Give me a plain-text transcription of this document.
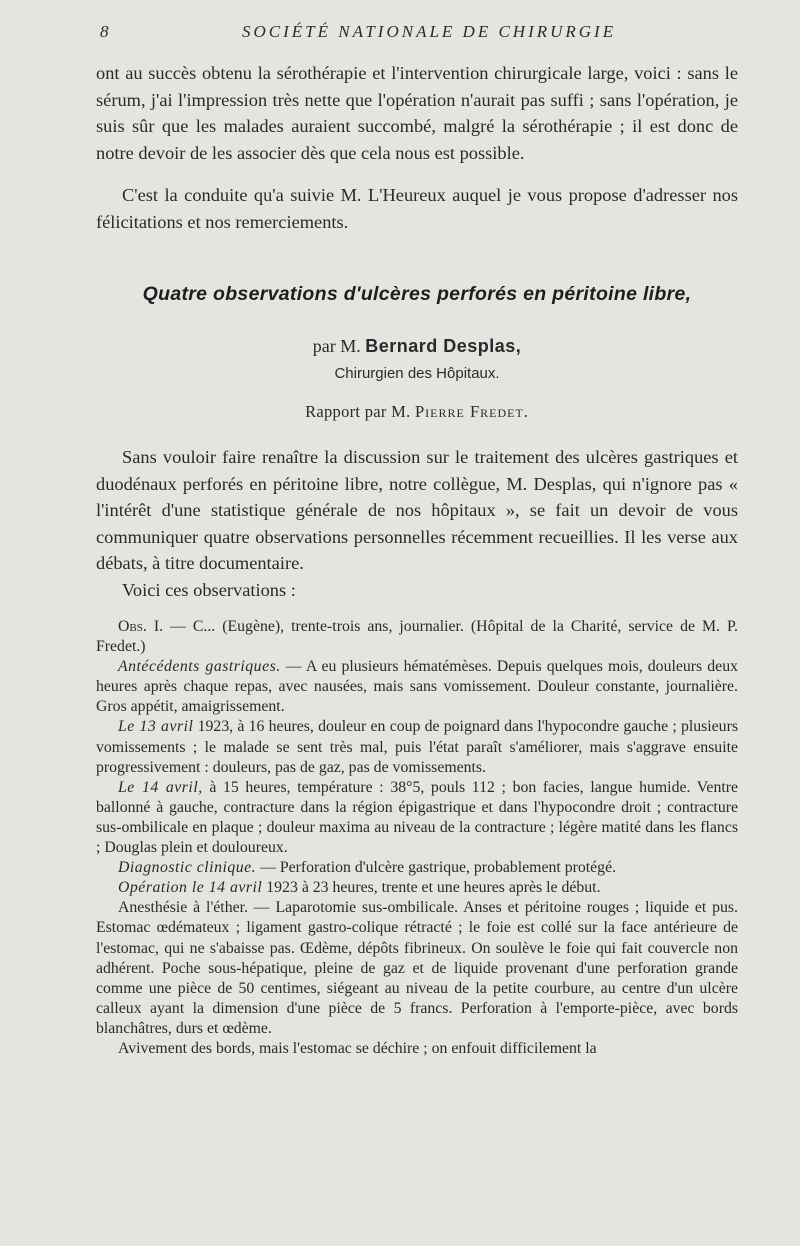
8	SOCIÉTÉ NATIONALE DE CHIRURGIE

ont au succès obtenu la sérothérapie et l'intervention chirurgicale large, voici : sans le sérum, j'ai l'impression très nette que l'opération n'aurait pas suffi ; sans l'opération, je suis sûr que les malades auraient succombé, malgré la sérothérapie ; il est donc de notre devoir de les associer dès que cela nous est possible.

C'est la conduite qu'a suivie M. L'Heureux auquel je vous propose d'adresser nos félicitations et nos remerciements.

Quatre observations d'ulcères perforés en péritoine libre,

par M. Bernard Desplas,

Chirurgien des Hôpitaux.

Rapport par M. Pierre Fredet.

Sans vouloir faire renaître la discussion sur le traitement des ulcères gastriques et duodénaux perforés en péritoine libre, notre collègue, M. Desplas, qui n'ignore pas « l'intérêt d'une statistique générale de nos hôpitaux », se fait un devoir de vous communiquer quatre observations personnelles récemment recueillies. Il les verse aux débats, à titre documentaire.

Voici ces observations :

Obs. I. — C... (Eugène), trente-trois ans, journalier. (Hôpital de la Charité, service de M. P. Fredet.)

Antécédents gastriques. — A eu plusieurs hématémèses. Depuis quelques mois, douleurs deux heures après chaque repas, avec nausées, mais sans vomissement. Douleur constante, journalière. Gros appétit, amaigrissement.

Le 13 avril 1923, à 16 heures, douleur en coup de poignard dans l'hypocondre gauche ; plusieurs vomissements ; le malade se sent très mal, puis l'état paraît s'améliorer, mais s'aggrave ensuite progressivement : douleurs, pas de gaz, pas de vomissements.

Le 14 avril, à 15 heures, température : 38°5, pouls 112 ; bon facies, langue humide. Ventre ballonné à gauche, contracture dans la région épigastrique et dans l'hypocondre droit ; contracture sus-ombilicale en plaque ; douleur maxima au niveau de la contracture ; légère matité dans les flancs ; Douglas plein et douloureux.

Diagnostic clinique. — Perforation d'ulcère gastrique, probablement protégé.

Opération le 14 avril 1923 à 23 heures, trente et une heures après le début.

Anesthésie à l'éther. — Laparotomie sus-ombilicale. Anses et péritoine rouges ; liquide et pus. Estomac œdémateux ; ligament gastro-colique rétracté ; le foie est collé sur la face antérieure de l'estomac, qui ne s'abaisse pas. Œdème, dépôts fibrineux. On soulève le foie qui fait couvercle non adhérent. Poche sous-hépatique, pleine de gaz et de liquide provenant d'une perforation grande comme une pièce de 50 centimes, siégeant au niveau de la petite courbure, au centre d'un ulcère calleux ayant la dimension d'une pièce de 5 francs. Perforation à l'emporte-pièce, avec bords blanchâtres, durs et œdème.

Avivement des bords, mais l'estomac se déchire ; on enfouit difficilement la
